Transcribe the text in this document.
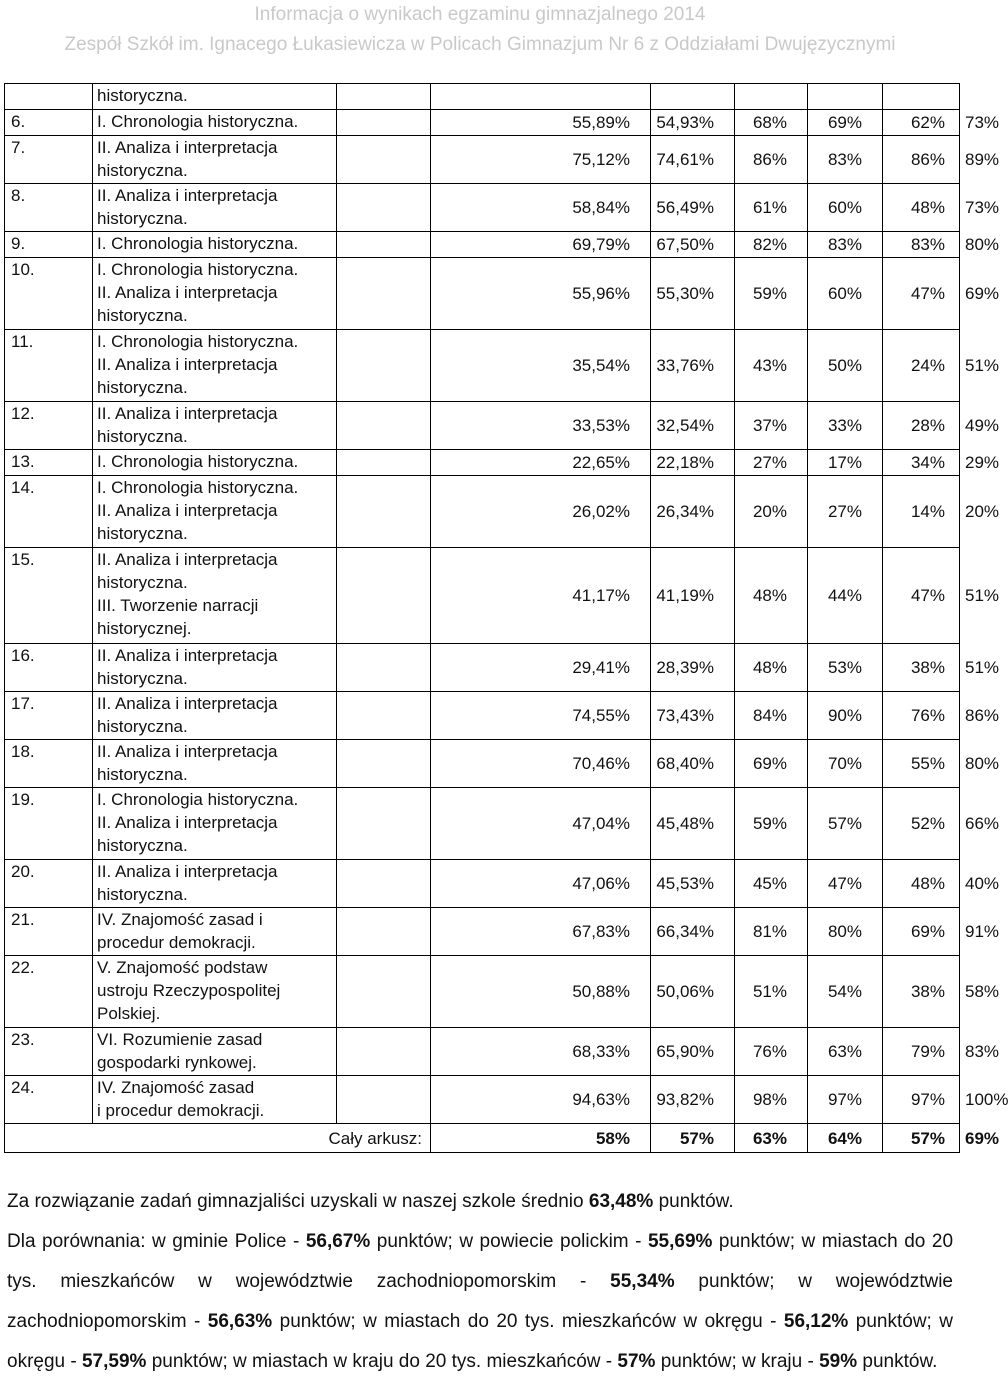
Informacja o wynikach egzaminu gimnazjalnego 2014
Zespół Szkół im. Ignacego Łukasiewicza w Policach Gimnazjum Nr 6 z Oddziałami Dwujęzycznymi
	historyczna.							
6.	I. Chronologia historyczna.		55,89%	54,93%	68%	69%	62%	73%
7.	II. Analiza i interpretacja
historyczna.		75,12%	74,61%	86%	83%	86%	89%
8.	II. Analiza i interpretacja
historyczna.		58,84%	56,49%	61%	60%	48%	73%
9.	I. Chronologia historyczna.		69,79%	67,50%	82%	83%	83%	80%
10.	I. Chronologia historyczna.
II. Analiza i interpretacja
historyczna.		55,96%	55,30%	59%	60%	47%	69%
11.	I. Chronologia historyczna.
II. Analiza i interpretacja
historyczna.		35,54%	33,76%	43%	50%	24%	51%
12.	II. Analiza i interpretacja
historyczna.		33,53%	32,54%	37%	33%	28%	49%
13.	I. Chronologia historyczna.		22,65%	22,18%	27%	17%	34%	29%
14.	I. Chronologia historyczna.
II. Analiza i interpretacja
historyczna.		26,02%	26,34%	20%	27%	14%	20%
15.	II. Analiza i interpretacja
historyczna.
III. Tworzenie narracji
historycznej.		41,17%	41,19%	48%	44%	47%	51%
16.	II. Analiza i interpretacja
historyczna.		29,41%	28,39%	48%	53%	38%	51%
17.	II. Analiza i interpretacja
historyczna.		74,55%	73,43%	84%	90%	76%	86%
18.	II. Analiza i interpretacja
historyczna.		70,46%	68,40%	69%	70%	55%	80%
19.	I. Chronologia historyczna.
II. Analiza i interpretacja
historyczna.		47,04%	45,48%	59%	57%	52%	66%
20.	II. Analiza i interpretacja
historyczna.		47,06%	45,53%	45%	47%	48%	40%
21.	IV. Znajomość zasad i
procedur demokracji.		67,83%	66,34%	81%	80%	69%	91%
22.	V. Znajomość podstaw
ustroju Rzeczypospolitej
Polskiej.		50,88%	50,06%	51%	54%	38%	58%
23.	VI. Rozumienie zasad
gospodarki rynkowej.		68,33%	65,90%	76%	63%	79%	83%
24.	IV. Znajomość zasad
i procedur demokracji.		94,63%	93,82%	98%	97%	97%	100%
Cały arkusz:			58%	57%	63%	64%	57%	69%

Za rozwiązanie zadań gimnazjaliści uzyskali w naszej szkole średnio 63,48% punktów.

Dla porównania: w gminie Police - 56,67% punktów; w powiecie polickim - 55,69% punktów; w miastach do 20 tys. mieszkańców w województwie zachodniopomorskim - 55,34% punktów; w województwie zachodniopomorskim - 56,63% punktów; w miastach do 20 tys. mieszkańców w okręgu - 56,12% punktów; w okręgu - 57,59% punktów; w miastach w kraju do 20 tys. mieszkańców - 57% punktów; w kraju - 59% punktów.
